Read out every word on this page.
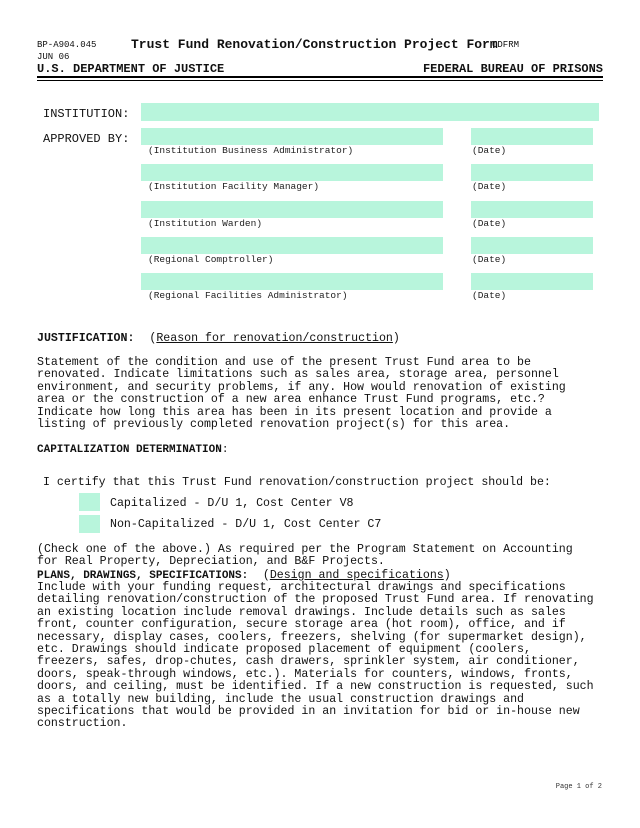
BP-A904.045
JUN 06
Trust Fund Renovation/Construction Project Form
CDFRM
U.S. DEPARTMENT OF JUSTICE	FEDERAL BUREAU OF PRISONS
INSTITUTION:
APPROVED BY:
(Institution Business Administrator)	(Date)
(Institution Facility Manager)	(Date)
(Institution Warden)	(Date)
(Regional Comptroller)	(Date)
(Regional Facilities Administrator)	(Date)
JUSTIFICATION: (Reason for renovation/construction)

Statement of the condition and use of the present Trust Fund area to be

renovated. Indicate limitations such as sales area, storage area, personnel

environment, and security problems, if any. How would renovation of existing

area or the construction of a new area enhance Trust Fund programs, etc.?

Indicate how long this area has been in its present location and provide a

listing of previously completed renovation project(s) for this area.

CAPITALIZATION DETERMINATION:
I certify that this Trust Fund renovation/construction project should be:
Capitalized - D/U 1, Cost Center V8
Non-Capitalized - D/U 1, Cost Center C7

(Check one of the above.) As required per the Program Statement on Accounting

for Real Property, Depreciation, and B&F Projects.

PLANS, DRAWINGS, SPECIFICATIONS: (Design and specifications)

Include with your funding request, architectural drawings and specifications

detailing renovation/construction of the proposed Trust Fund area. If renovating

an existing location include removal drawings. Include details such as sales

front, counter configuration, secure storage area (hot room), office, and if

necessary, display cases, coolers, freezers, shelving (for supermarket design),

etc. Drawings should indicate proposed placement of equipment (coolers,

freezers, safes, drop-chutes, cash drawers, sprinkler system, air conditioner,

doors, speak-through windows, etc.). Materials for counters, windows, fronts,

doors, and ceiling, must be identified. If a new construction is requested, such

as a totally new building, include the usual construction drawings and

specifications that would be provided in an invitation for bid or in-house new

construction.

Page 1 of 2
